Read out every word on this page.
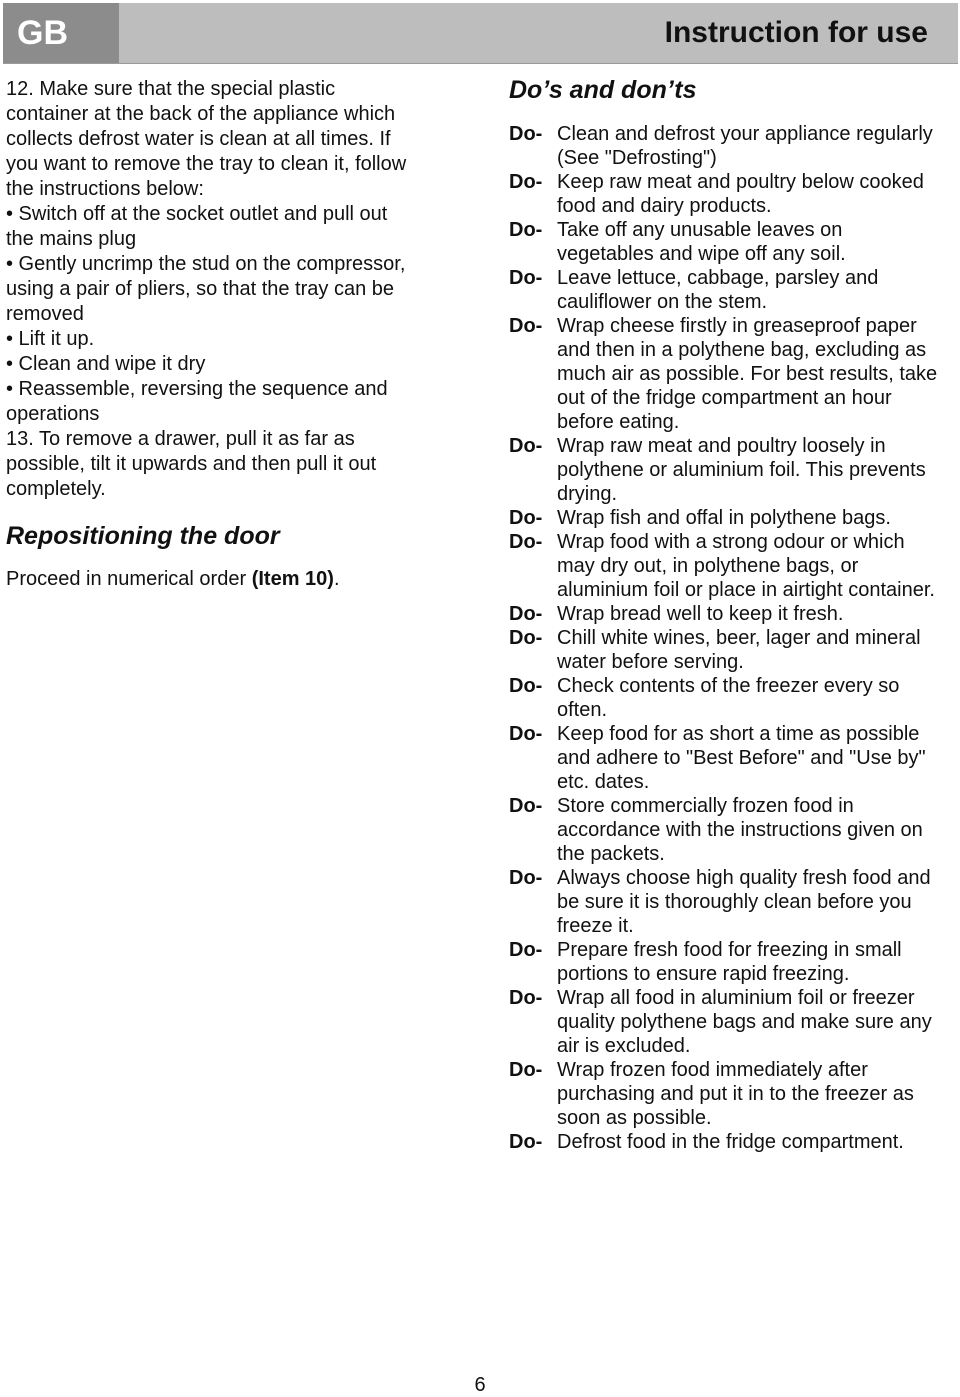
GB	Instruction for use
12. Make sure that the special plastic
container at the back of the appliance which
collects defrost water is clean at all times. If
you want to remove the tray to clean it, follow
the instructions below:
• Switch off at the socket outlet and pull out
the mains plug
• Gently uncrimp the stud on the compressor,
using a pair of pliers, so that the tray can be
removed
• Lift it up.
• Clean and wipe it dry
• Reassemble, reversing the sequence and
operations
13. To remove a drawer, pull it as far as
possible, tilt it upwards and then pull it out
completely.
Repositioning the door
Proceed in numerical order (Item 10).
Do’s and don’ts
Do- Clean and defrost your appliance regularly
(See "Defrosting")
Do- Keep raw meat and poultry below cooked
food and dairy products.
Do- Take off any unusable leaves on
vegetables and wipe off any soil.
Do- Leave lettuce, cabbage, parsley and
cauliflower on the stem.
Do- Wrap cheese firstly in greaseproof paper
and then in a polythene bag, excluding as
much air as possible. For best results, take
out of the fridge compartment an hour
before eating.
Do- Wrap raw meat and poultry loosely in
polythene or aluminium foil. This prevents
drying.
Do- Wrap fish and offal in polythene bags.
Do- Wrap food with a strong odour or which
may dry out, in polythene bags, or
aluminium foil or place in airtight container.
Do- Wrap bread well to keep it fresh.
Do- Chill white wines, beer, lager and mineral
water before serving.
Do- Check contents of the freezer every so
often.
Do- Keep food for as short a time as possible
and adhere to "Best Before" and "Use by"
etc. dates.
Do- Store commercially frozen food in
accordance with the instructions given on
the packets.
Do- Always choose high quality fresh food and
be sure it is thoroughly clean before you
freeze it.
Do- Prepare fresh food for freezing in small
portions to ensure rapid freezing.
Do- Wrap all food in aluminium foil or freezer
quality polythene bags and make sure any
air is excluded.
Do- Wrap frozen food immediately after
purchasing and put it in to the freezer as
soon as possible.
Do- Defrost food in the fridge compartment.
6
